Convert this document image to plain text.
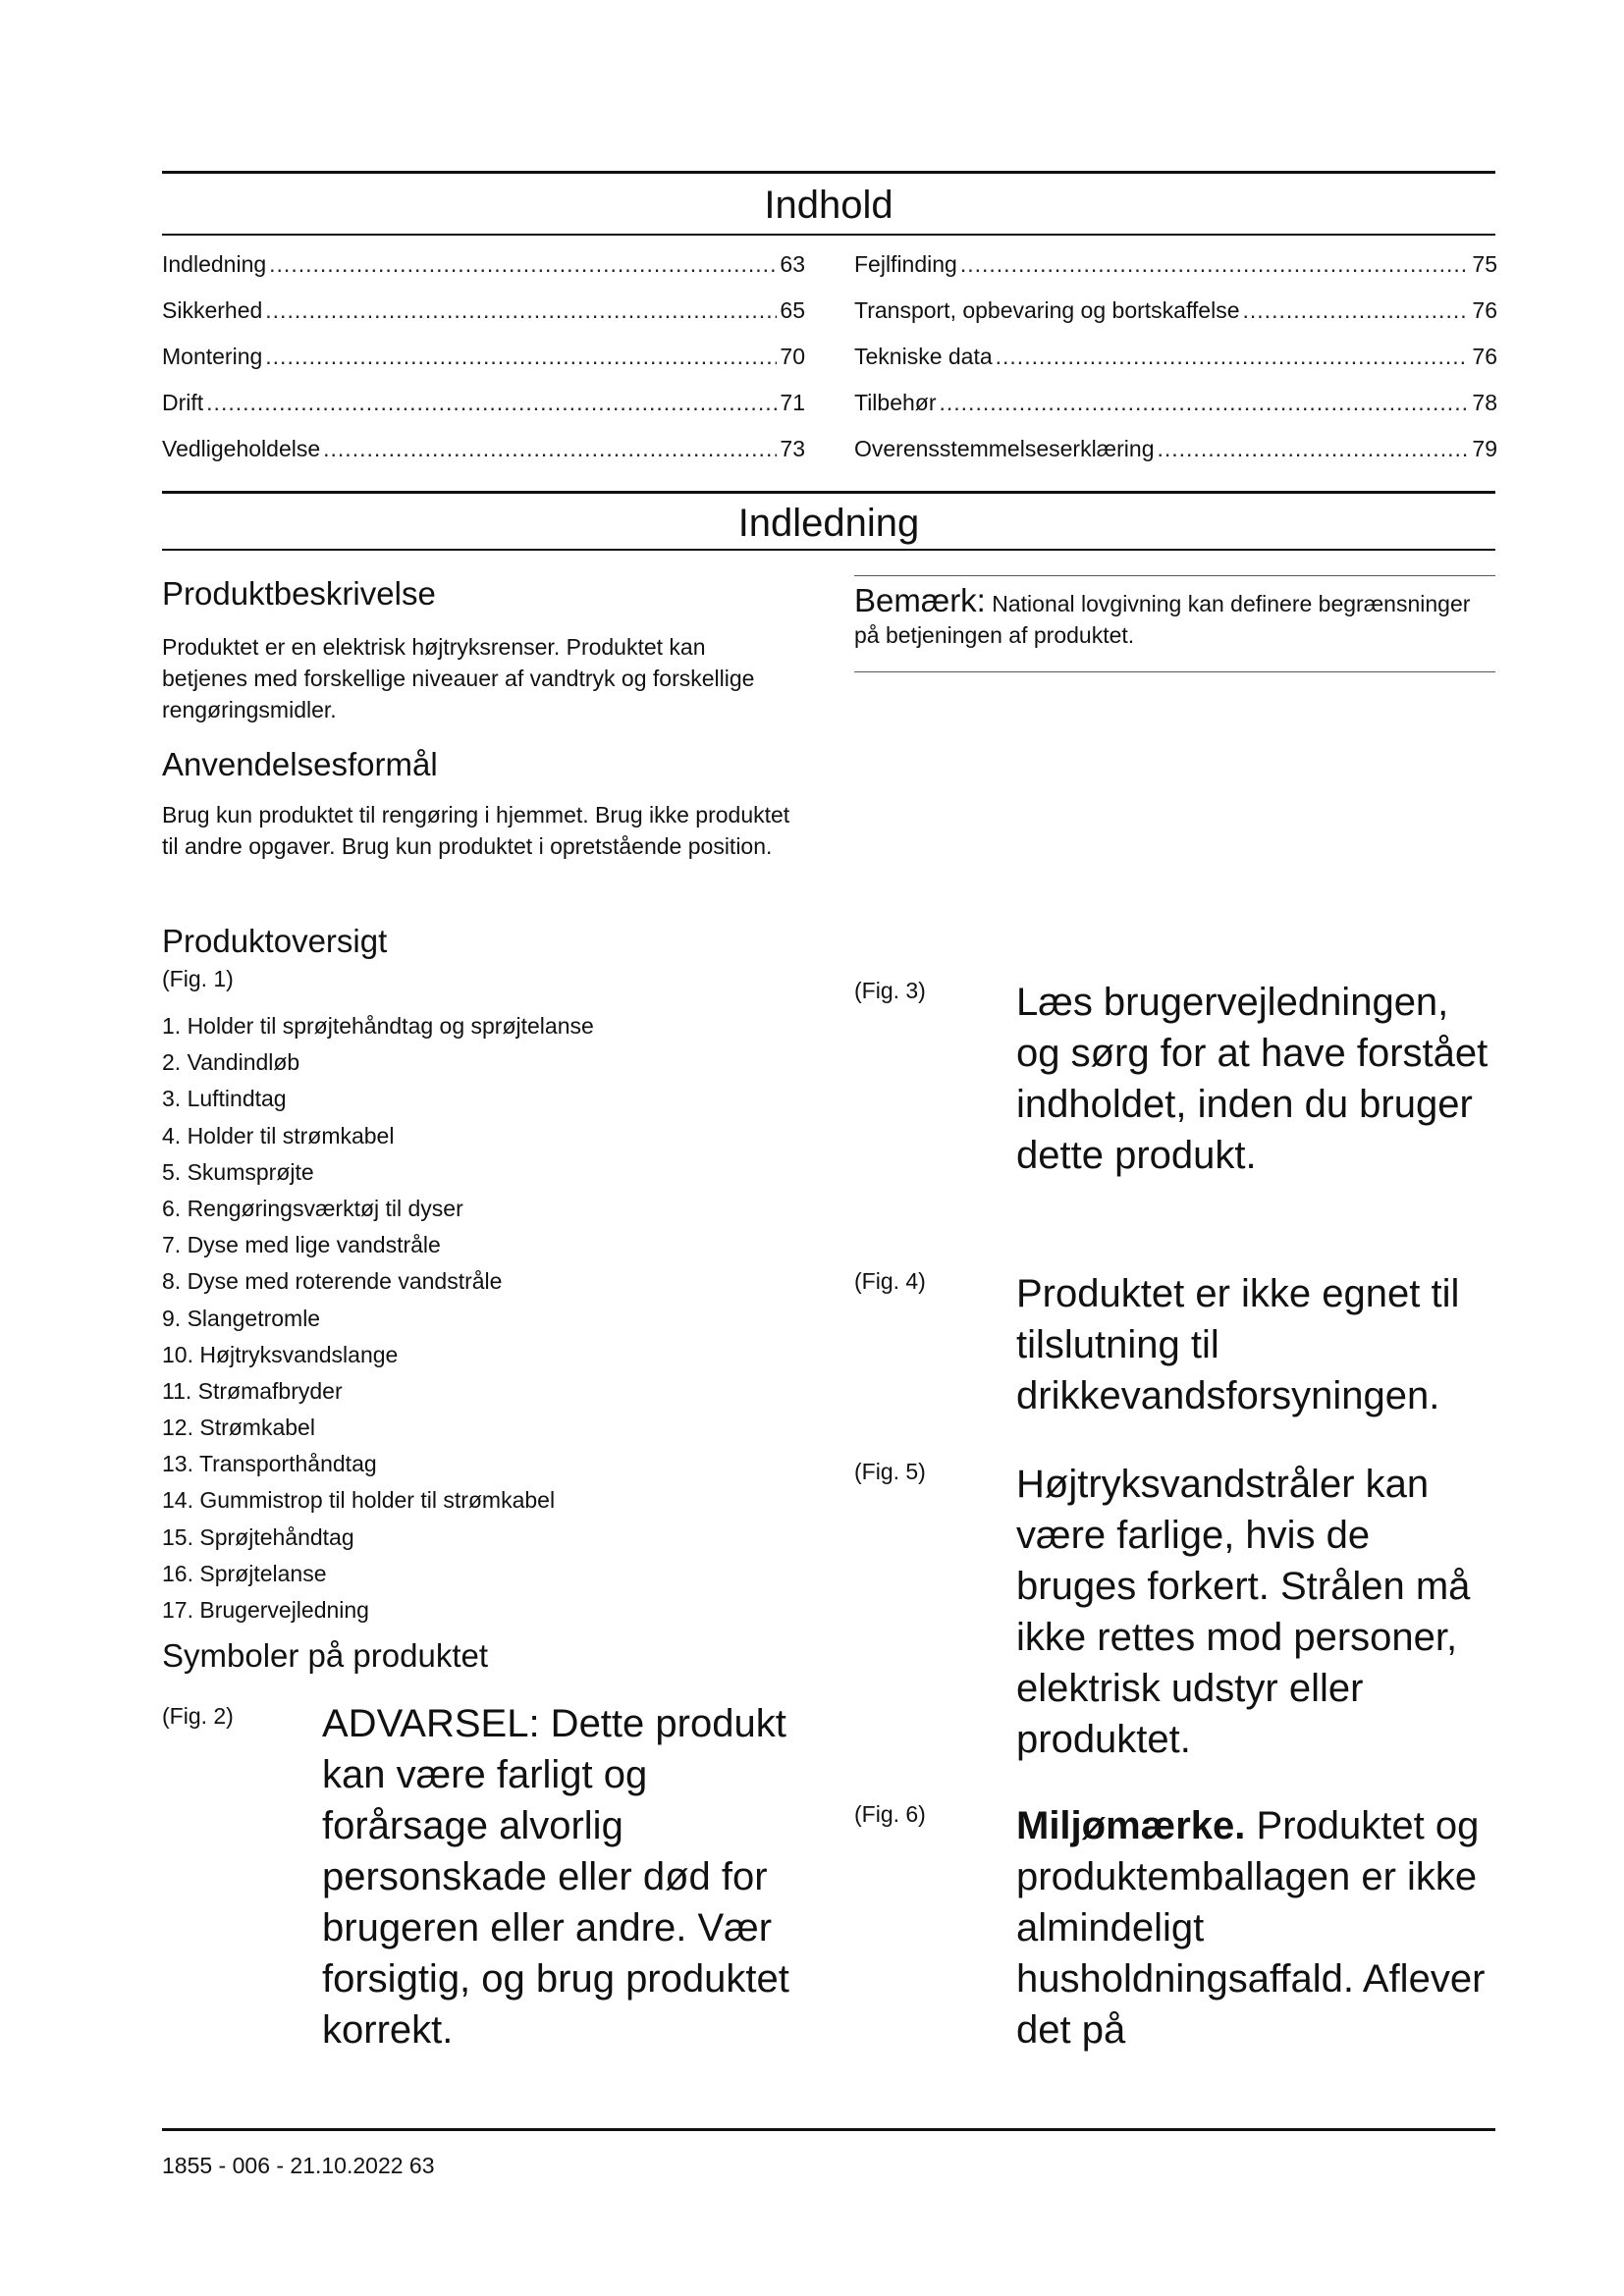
Indhold
Indledning .....	63
Sikkerhed .....	65
Montering .....	70
Drift .....	71
Vedligeholdelse .....	73
Fejlfinding .....	75
Transport, opbevaring og bortskaffelse .....	76
Tekniske data .....	76
Tilbehør .....	78
Overensstemmelseserklæring .....	79
Indledning
Produktbeskrivelse

Produktet er en elektrisk højtryksrenser. Produktet kan betjenes med forskellige niveauer af vandtryk og forskellige rengøringsmidler.

Anvendelsesformål

Brug kun produktet til rengøring i hjemmet. Brug ikke produktet til andre opgaver. Brug kun produktet i opretstående position.

Produktoversigt
(Fig. 1)
1. Holder til sprøjtehåndtag og sprøjtelanse
2. Vandindløb
3. Luftindtag
4. Holder til strømkabel
5. Skumsprøjte
6. Rengøringsværktøj til dyser
7. Dyse med lige vandstråle
8. Dyse med roterende vandstråle
9. Slangetromle
10. Højtryksvandslange
11. Strømafbryder
12. Strømkabel
13. Transporthåndtag
14. Gummistrop til holder til strømkabel
15. Sprøjtehåndtag
16. Sprøjtelanse
17. Brugervejledning
Symboler på produktet
(Fig. 2) ADVARSEL: Dette produkt kan være farligt og forårsage alvorlig personskade eller død for brugeren eller andre. Vær forsigtig, og brug produktet korrekt.

Bemærk: National lovgivning kan definere begrænsninger på betjeningen af produktet.

(Fig. 3) Læs brugervejledningen, og sørg for at have forstået indholdet, inden du bruger dette produkt.

(Fig. 4) Produktet er ikke egnet til tilslutning til drikkevandsforsyningen.

(Fig. 5) Højtryksvandstråler kan være farlige, hvis de bruges forkert. Strålen må ikke rettes mod personer, elektrisk udstyr eller produktet.

(Fig. 6) Miljømærke. Produktet og produktemballagen er ikke almindeligt husholdningsaffald. Aflever det på

1855 - 006 - 21.10.2022 63
